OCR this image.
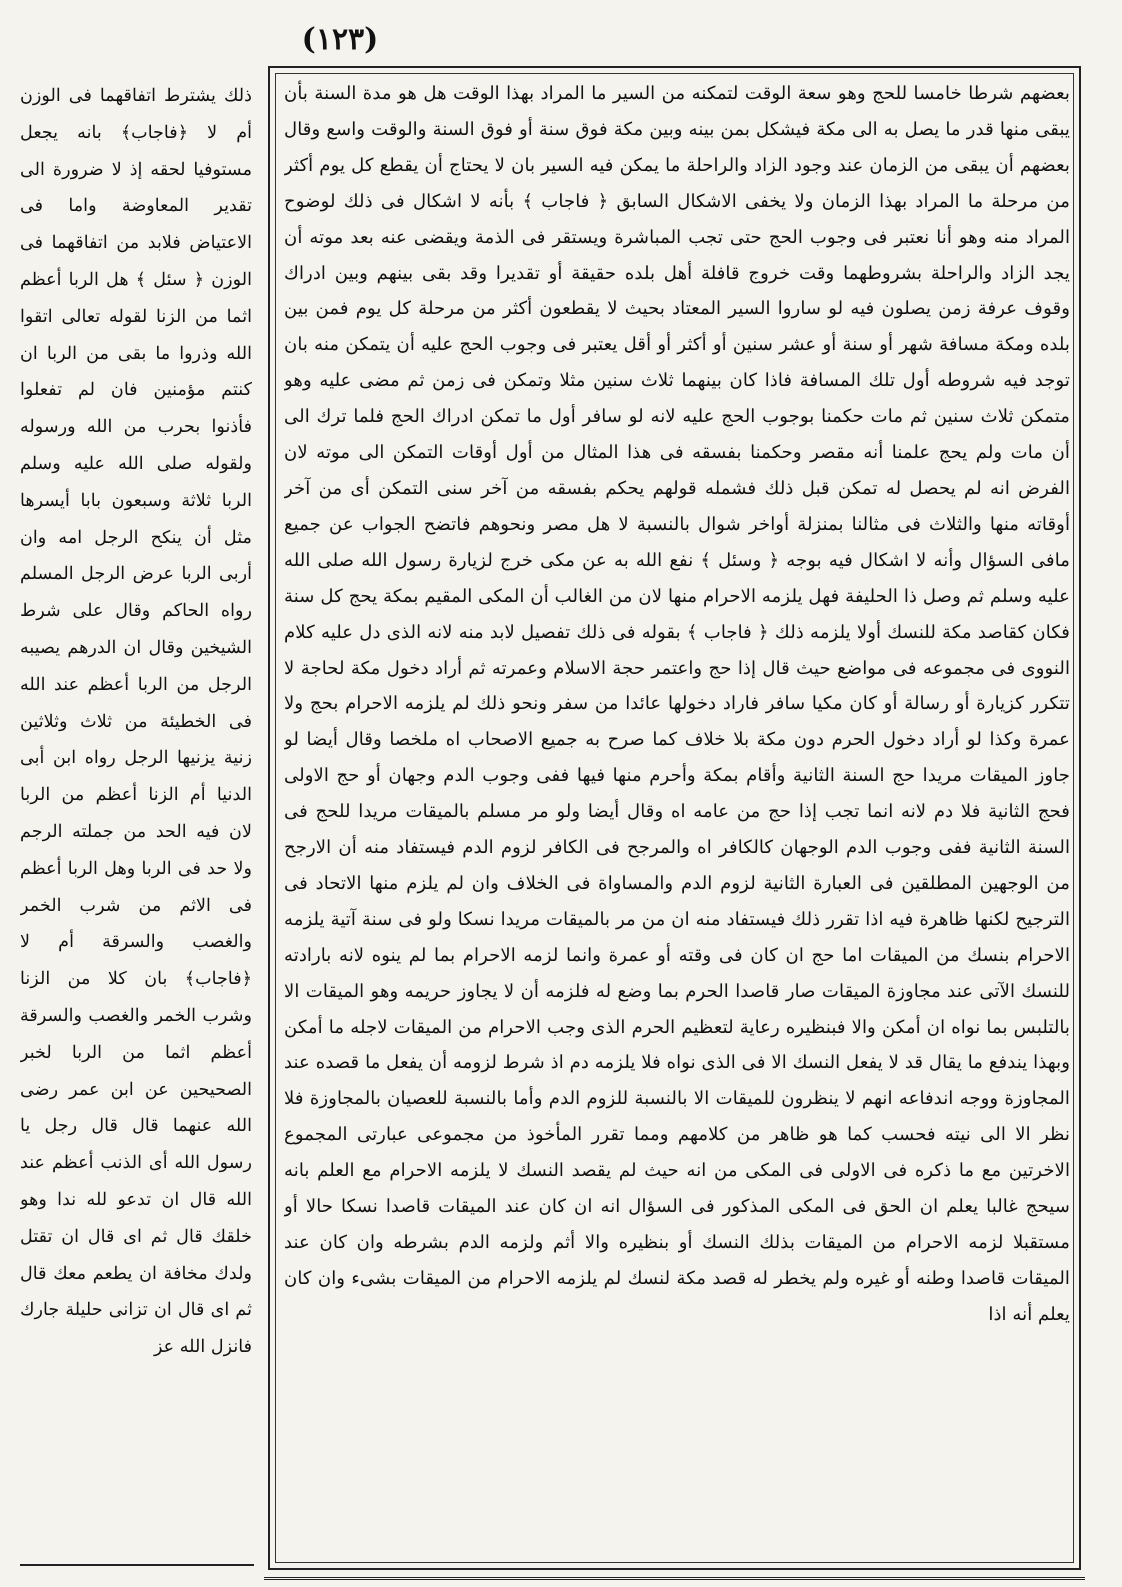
(١٢٣)

بعضهم شرطا خامسا للحج وهو سعة الوقت لتمكنه من السير ما المراد بهذا الوقت هل هو مدة السنة بأن يبقى منها قدر ما يصل به الى مكة فيشكل بمن بينه وبين مكة فوق سنة أو فوق السنة والوقت واسع وقال بعضهم أن يبقى من الزمان عند وجود الزاد والراحلة ما يمكن فيه السير بان لا يحتاج أن يقطع كل يوم أكثر من مرحلة ما المراد بهذا الزمان ولا يخفى الاشكال السابق ﴿ فاجاب ﴾ بأنه لا اشكال فى ذلك لوضوح المراد منه وهو أنا نعتبر فى وجوب الحج حتى تجب المباشرة ويستقر فى الذمة ويقضى عنه بعد موته أن يجد الزاد والراحلة بشروطهما وقت خروج قافلة أهل بلده حقيقة أو تقديرا وقد بقى بينهم وبين ادراك وقوف عرفة زمن يصلون فيه لو ساروا السير المعتاد بحيث لا يقطعون أكثر من مرحلة كل يوم فمن بين بلده ومكة مسافة شهر أو سنة أو عشر سنين أو أكثر أو أقل يعتبر فى وجوب الحج عليه أن يتمكن منه بان توجد فيه شروطه أول تلك المسافة فاذا كان بينهما ثلاث سنين مثلا وتمكن فى زمن ثم مضى عليه وهو متمكن ثلاث سنين ثم مات حكمنا بوجوب الحج عليه لانه لو سافر أول ما تمكن ادراك الحج فلما ترك الى أن مات ولم يحج علمنا أنه مقصر وحكمنا بفسقه فى هذا المثال من أول أوقات التمكن الى موته لان الفرض انه لم يحصل له تمكن قبل ذلك فشمله قولهم يحكم بفسقه من آخر سنى التمكن أى من آخر أوقاته منها والثلاث فى مثالنا بمنزلة أواخر شوال بالنسبة لا هل مصر ونحوهم فاتضح الجواب عن جميع مافى السؤال وأنه لا اشكال فيه بوجه ﴿ وسئل ﴾ نفع الله به عن مكى خرج لزيارة رسول الله صلى الله عليه وسلم ثم وصل ذا الحليفة فهل يلزمه الاحرام منها لان من الغالب أن المكى المقيم بمكة يحج كل سنة فكان كقاصد مكة للنسك أولا يلزمه ذلك ﴿ فاجاب ﴾ بقوله فى ذلك تفصيل لابد منه لانه الذى دل عليه كلام النووى فى مجموعه فى مواضع حيث قال إذا حج واعتمر حجة الاسلام وعمرته ثم أراد دخول مكة لحاجة لا تتكرر كزيارة أو رسالة أو كان مكيا سافر فاراد دخولها عائدا من سفر ونحو ذلك لم يلزمه الاحرام بحج ولا عمرة وكذا لو أراد دخول الحرم دون مكة بلا خلاف كما صرح به جميع الاصحاب اه ملخصا وقال أيضا لو جاوز الميقات مريدا حج السنة الثانية وأقام بمكة وأحرم منها فيها ففى وجوب الدم وجهان أو حج الاولى فحج الثانية فلا دم لانه انما تجب إذا حج من عامه اه وقال أيضا ولو مر مسلم بالميقات مريدا للحج فى السنة الثانية ففى وجوب الدم الوجهان كالكافر اه والمرجح فى الكافر لزوم الدم فيستفاد منه أن الارجح من الوجهين المطلقين فى العبارة الثانية لزوم الدم والمساواة فى الخلاف وان لم يلزم منها الاتحاد فى الترجيح لكنها ظاهرة فيه اذا تقرر ذلك فيستفاد منه ان من مر بالميقات مريدا نسكا ولو فى سنة آتية يلزمه الاحرام بنسك من الميقات اما حج ان كان فى وقته أو عمرة وانما لزمه الاحرام بما لم ينوه لانه بارادته للنسك الآتى عند مجاوزة الميقات صار قاصدا الحرم بما وضع له فلزمه أن لا يجاوز حريمه وهو الميقات الا بالتلبس بما نواه ان أمكن والا فبنظيره رعاية لتعظيم الحرم الذى وجب الاحرام من الميقات لاجله ما أمكن وبهذا يندفع ما يقال قد لا يفعل النسك الا فى الذى نواه فلا يلزمه دم اذ شرط لزومه أن يفعل ما قصده عند المجاوزة ووجه اندفاعه انهم لا ينظرون للميقات الا بالنسبة للزوم الدم وأما بالنسبة للعصيان بالمجاوزة فلا نظر الا الى نيته فحسب كما هو ظاهر من كلامهم ومما تقرر المأخوذ من مجموعى عبارتى المجموع الاخرتين مع ما ذكره فى الاولى فى المكى من انه حيث لم يقصد النسك لا يلزمه الاحرام مع العلم بانه سيحج غالبا يعلم ان الحق فى المكى المذكور فى السؤال انه ان كان عند الميقات قاصدا نسكا حالا أو مستقبلا لزمه الاحرام من الميقات بذلك النسك أو بنظيره والا أثم ولزمه الدم بشرطه وان كان عند الميقات قاصدا وطنه أو غيره ولم يخطر له قصد مكة لنسك لم يلزمه الاحرام من الميقات بشىء وان كان يعلم أنه اذا

ذلك يشترط اتفاقهما فى الوزن أم لا ﴿فاجاب﴾ بانه يجعل مستوفيا لحقه إذ لا ضرورة الى تقدير المعاوضة واما فى الاعتياض فلابد من اتفاقهما فى الوزن ﴿ سئل ﴾ هل الربا أعظم اثما من الزنا لقوله تعالى اتقوا الله وذروا ما بقى من الربا ان كنتم مؤمنين فان لم تفعلوا فأذنوا بحرب من الله ورسوله ولقوله صلى الله عليه وسلم الربا ثلاثة وسبعون بابا أيسرها مثل أن ينكح الرجل امه وان أربى الربا عرض الرجل المسلم رواه الحاكم وقال على شرط الشيخين وقال ان الدرهم يصيبه الرجل من الربا أعظم عند الله فى الخطيئة من ثلاث وثلاثين زنية يزنيها الرجل رواه ابن أبى الدنيا أم الزنا أعظم من الربا لان فيه الحد من جملته الرجم ولا حد فى الربا وهل الربا أعظم فى الاثم من شرب الخمر والغصب والسرقة أم لا ﴿فاجاب﴾ بان كلا من الزنا وشرب الخمر والغصب والسرقة أعظم اثما من الربا لخبر الصحيحين عن ابن عمر رضى الله عنهما قال قال رجل يا رسول الله أى الذنب أعظم عند الله قال ان تدعو لله ندا وهو خلقك قال ثم اى قال ان تقتل ولدك مخافة ان يطعم معك قال ثم اى قال ان تزانى حليلة جارك فانزل الله عز
